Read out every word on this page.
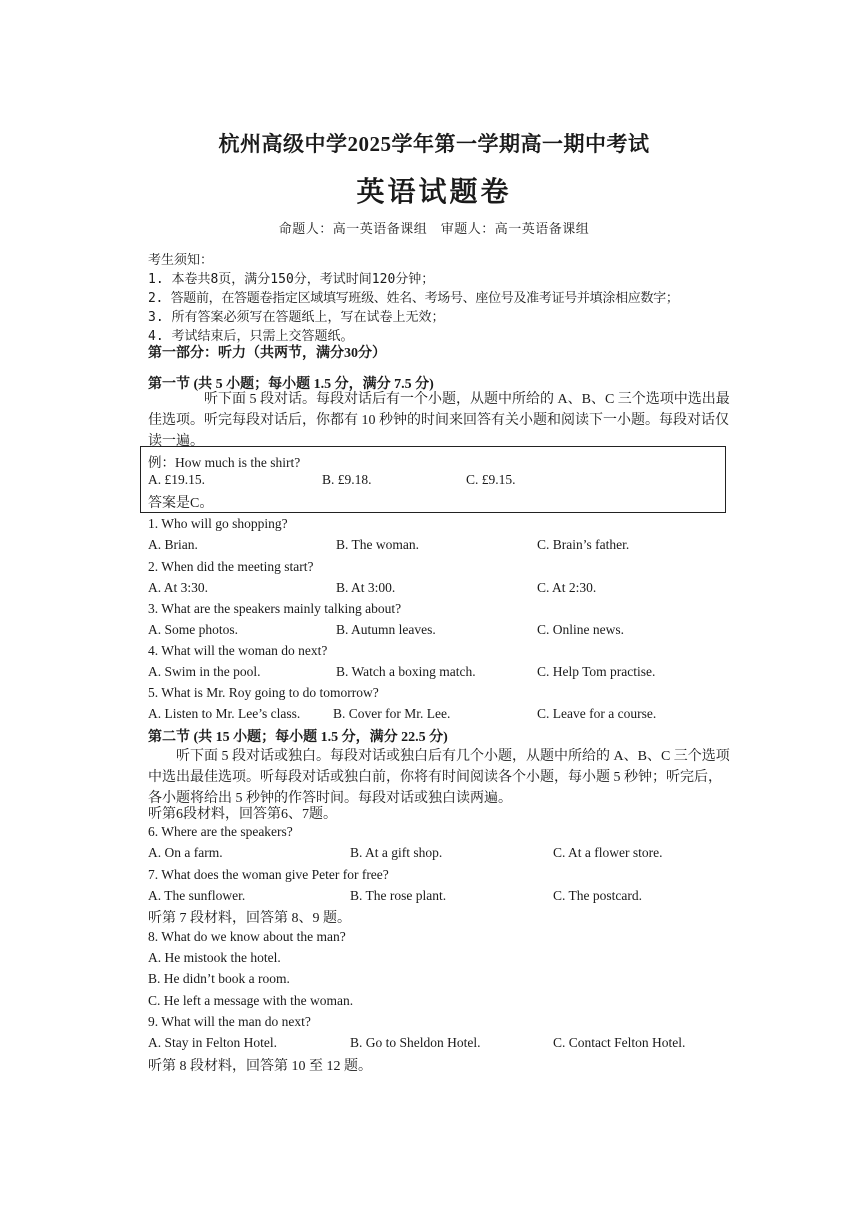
杭州高级中学2025学年第一学期高一期中考试
英语试题卷
命题人：高一英语备课组　审题人：高一英语备课组
考生须知：
1. 本卷共8页，满分150分，考试时间120分钟；
2. 答题前，在答题卷指定区域填写班级、姓名、考场号、座位号及准考证号并填涂相应数字；
3. 所有答案必须写在答题纸上，写在试卷上无效；
4. 考试结束后，只需上交答题纸。
第一部分：听力（共两节，满分30分）
第一节 (共 5 小题；每小题 1.5 分，满分 7.5 分)
听下面 5 段对话。每段对话后有一个小题，从题中所给的 A、B、C 三个选项中选出最佳选项。听完每段对话后，你都有 10 秒钟的时间来回答有关小题和阅读下一小题。每段对话仅读一遍。
例：How much is the shirt?
A. £19.15.	B. £9.18.	C. £9.15.
答案是C。
1. Who will go shopping?
A. Brian.	B. The woman.	C. Brain’s father.
2. When did the meeting start?
A. At 3:30.	B. At 3:00.	C. At 2:30.
3. What are the speakers mainly talking about?
A. Some photos.	B. Autumn leaves.	C. Online news.
4. What will the woman do next?
A. Swim in the pool.	B. Watch a boxing match.	C. Help Tom practise.
5. What is Mr. Roy going to do tomorrow?
A. Listen to Mr. Lee’s class. B. Cover for Mr. Lee.	C. Leave for a course.
第二节 (共 15 小题；每小题 1.5 分，满分 22.5 分)
听下面 5 段对话或独白。每段对话或独白后有几个小题，从题中所给的 A、B、C 三个选项中选出最佳选项。听每段对话或独白前，你将有时间阅读各个小题，每小题 5 秒钟；听完后，各小题将给出 5 秒钟的作答时间。每段对话或独白读两遍。
听第6段材料，回答第6、7题。
6. Where are the speakers?
A. On a farm.	B. At a gift shop.	C. At a flower store.
7. What does the woman give Peter for free?
A. The sunflower.	B. The rose plant.	C. The postcard.
听第 7 段材料，回答第 8、9 题。
8. What do we know about the man?
A. He mistook the hotel.
B. He didn’t book a room.
C. He left a message with the woman.
9. What will the man do next?
A. Stay in Felton Hotel.	B. Go to Sheldon Hotel.	C. Contact Felton Hotel.
听第 8 段材料，回答第 10 至 12 题。
